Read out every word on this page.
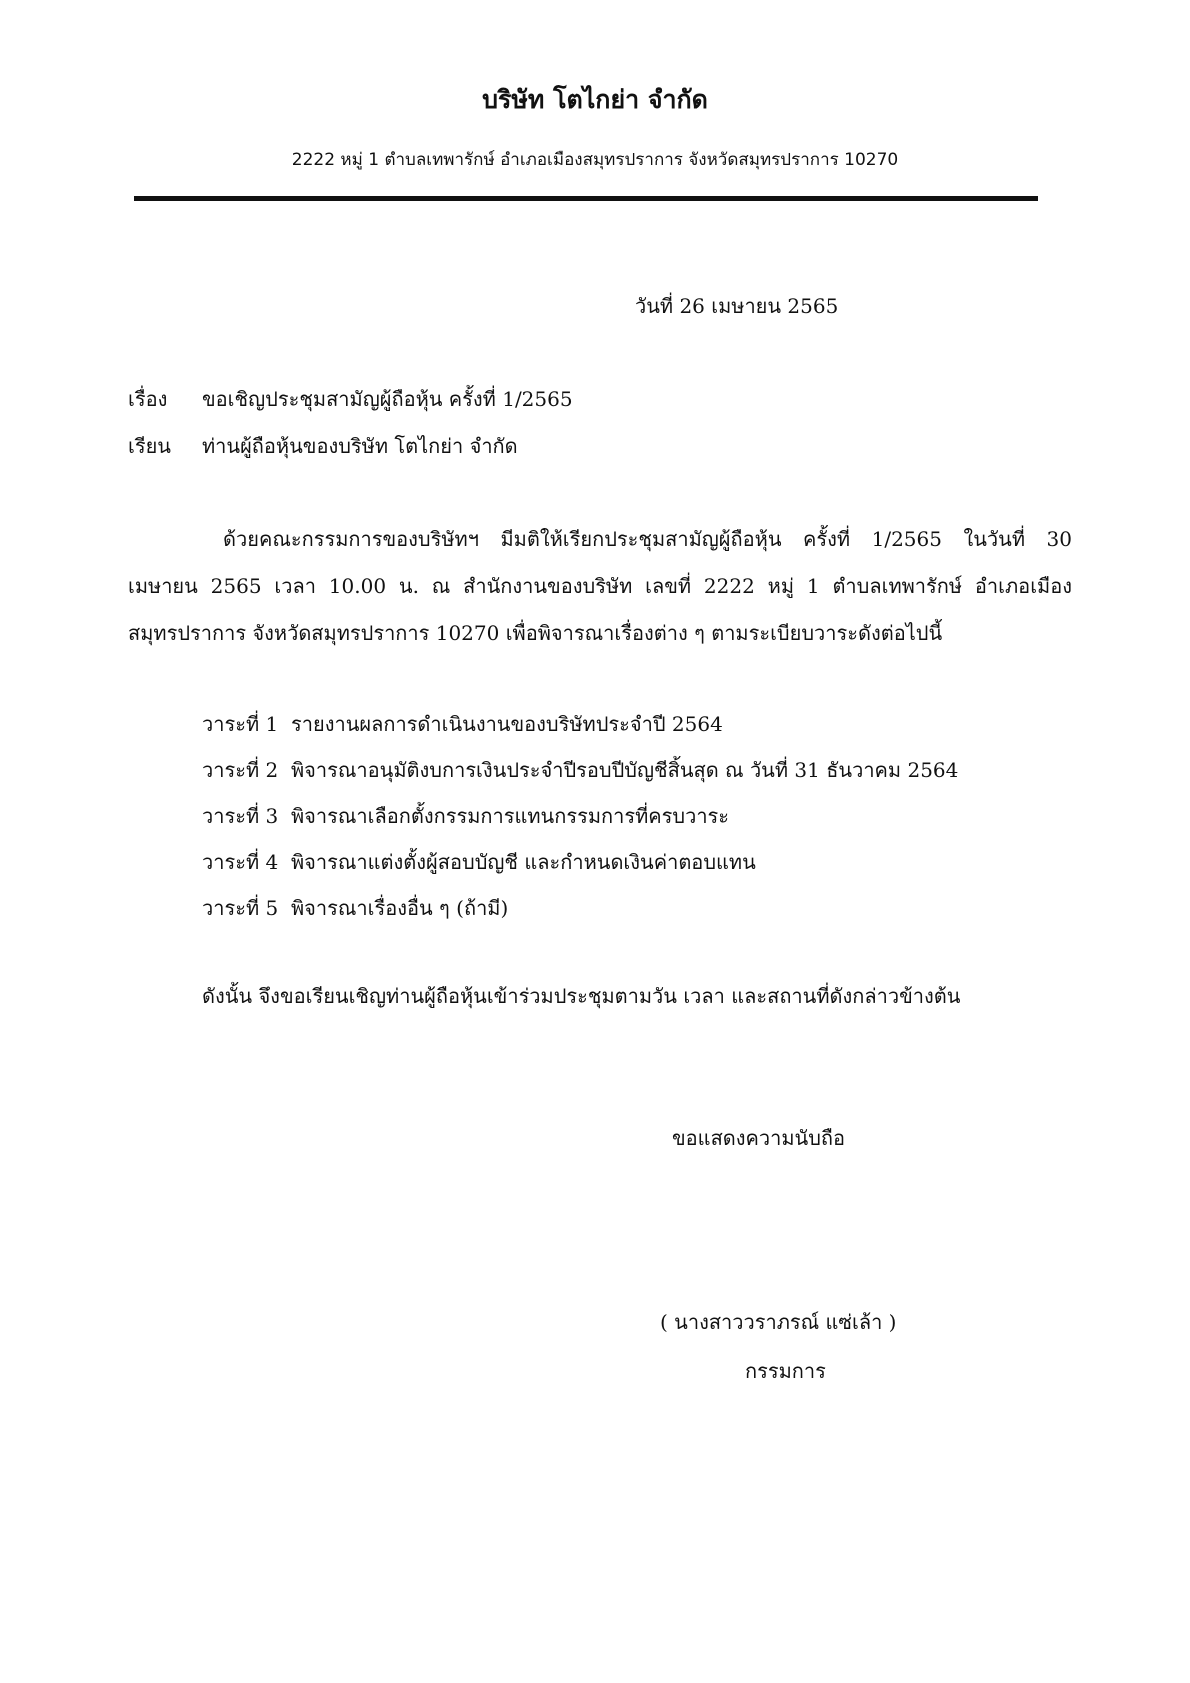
บริษัท โตไกย่า จำกัด
2222 หมู่ 1 ตำบลเทพารักษ์ อำเภอเมืองสมุทรปราการ จังหวัดสมุทรปราการ 10270
วันที่ 26 เมษายน 2565
เรื่อง ขอเชิญประชุมสามัญผู้ถือหุ้น ครั้งที่ 1/2565
เรียน ท่านผู้ถือหุ้นของบริษัท โตไกย่า จำกัด
ด้วยคณะกรรมการของบริษัทฯ มีมติให้เรียกประชุมสามัญผู้ถือหุ้น ครั้งที่ 1/2565 ในวันที่ 30 เมษายน 2565 เวลา 10.00 น. ณ สำนักงานของบริษัท เลขที่ 2222 หมู่ 1 ตำบลเทพารักษ์ อำเภอเมือง สมุทรปราการ จังหวัดสมุทรปราการ 10270 เพื่อพิจารณาเรื่องต่าง ๆ ตามระเบียบวาระดังต่อไปนี้
วาระที่ 1 รายงานผลการดำเนินงานของบริษัทประจำปี 2564
วาระที่ 2 พิจารณาอนุมัติงบการเงินประจำปีรอบปีบัญชีสิ้นสุด ณ วันที่ 31 ธันวาคม 2564
วาระที่ 3 พิจารณาเลือกตั้งกรรมการแทนกรรมการที่ครบวาระ
วาระที่ 4 พิจารณาแต่งตั้งผู้สอบบัญชี และกำหนดเงินค่าตอบแทน
วาระที่ 5 พิจารณาเรื่องอื่น ๆ (ถ้ามี)
ดังนั้น จึงขอเรียนเชิญท่านผู้ถือหุ้นเข้าร่วมประชุมตามวัน เวลา และสถานที่ดังกล่าวข้างต้น
ขอแสดงความนับถือ
( นางสาววราภรณ์ แซ่เล้า )
กรรมการ
